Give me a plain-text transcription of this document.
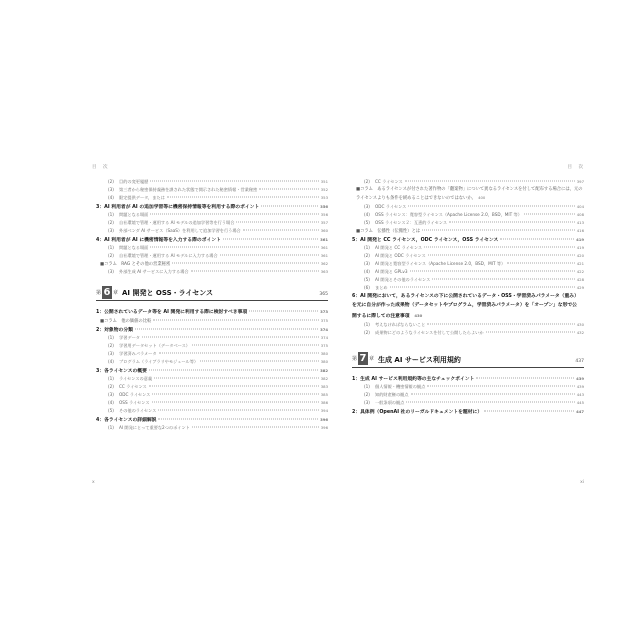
目　次
(2)	目的の変更履歴	351
(3)	第三者から秘密保持義務を課された状態で開示された秘密情報・営業秘密	352
(4)	限定提供データ，または	353
3：AI 利用者が AI の追加学習等に機密保持情報等を利用する際のポイント	356
(1)	問題となる場面	356
(2)	自社環境で管理・運用する AI モデルの追加学習等を行う場合	357
(3)	外部ベンダ AI サービス（SaaS）を利用して追加学習を行う場合	360
4：AI 利用者が AI に機密情報等を入力する際のポイント	361
(1)	問題となる場面	361
(2)	自社環境で管理・運用する AI モデルに入力する場合	361
■ コラム　RAG とその他の営業秘密	362
(3)	外部生成 AI サービスに入力する場合	363
第 6 章 AI 開発と OSS・ライセンス	365
1：公開されているデータ等を AI 開発に利用する際に検討すべき事項	373
■ コラム　他の価値の比較	375
2：対象物の分類	374
(1)	学習データ	374
(2)	学習用データセット（データベース）	375
(3)	学習済みパラメータ	380
(4)	プログラム（ライブラリやモジュール等）	380
3：各ライセンスの概要	382
(1)	ライセンスの意義	382
(2)	CC ライセンス	383
(3)	ODC ライセンス	385
(4)	OSS ライセンス	386
(5)	その他のライセンス	394
4：各ライセンスの詳細解説	396
(1)	AI 開発にとって重要な2つのポイント	396
x
目　次
(2)	CC ライセンス	397
■コラム　あるライセンスが付された著作物の「翻案物」について異なるライセンスを付して配布する場合には，元のライセンスよりも条件を緩めることはできないのではないか。　 400
(3)	ODC ライセンス	404
(4)	OSS ライセンス：寛容型ライセンス（Apache License 2.0，BSD，MIT 等）	408
(5)	OSS ライセンス２：互恵的ライセンス	413
■ コラム　伝播性（伝搬性）とは	416
5：AI 開発と CC ライセンス，ODC ライセンス，OSS ライセンス	419
(1)	AI 開発と CC ライセンス	419
(2)	AI 開発と ODC ライセンス	420
(3)	AI 開発と寛容型ライセンス（Apache License 2.0，BSD，MIT 等）	421
(4)	AI 開発と GPLv3	422
(5)	AI 開発とその他のライセンス	428
(6)	まとめ	429
6：AI 開発において，あるライセンスの下に公開されているデータ・OSS・学習済みパラメータ（重み）を元に自分が作った成果物（データセットやプログラム，学習済みパラメータ）を「オープン」な形で公開するに際しての注意事項　 430
(1)	考えなければならないこと	430
(2)	成果物にどのようなライセンスを付して公開したらよいか	432
第 7 章 生成 AI サービス利用規約	437
1：生成 AI サービス利用規約等の主なチェックポイント	439
(1)	個人情報・機密情報の観点	439
(2)	知的財産権の観点	443
(3)	一般条項の観点	445
2：具体例（OpenAI 社のリーガルドキュメントを題材に）	447
xi
